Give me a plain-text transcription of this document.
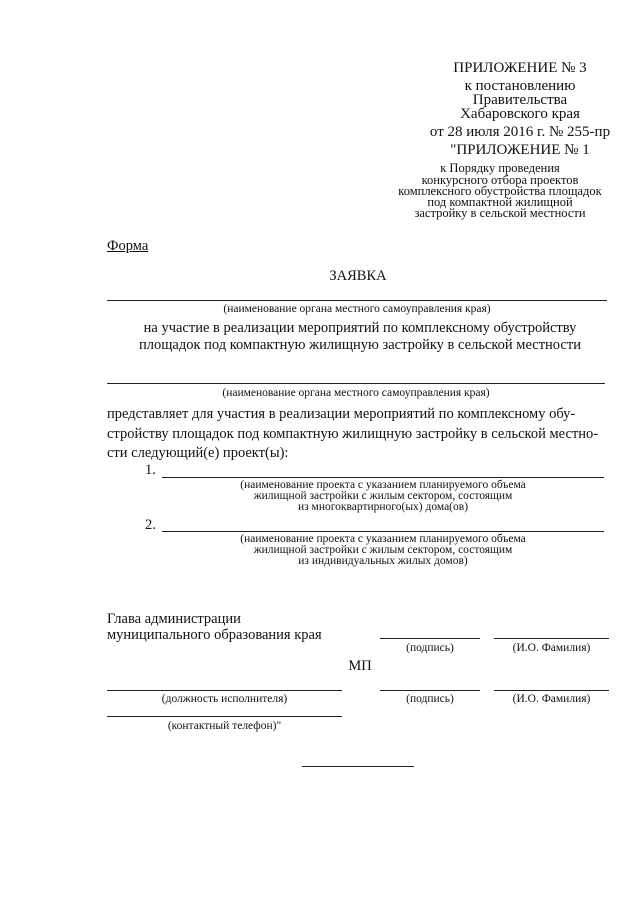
ПРИЛОЖЕНИЕ № 3
к постановлению
Правительства
Хабаровского края
от 28 июля 2016 г. № 255-пр
"ПРИЛОЖЕНИЕ № 1
к Порядку проведения
конкурсного отбора проектов
комплексного обустройства площадок
под компактной жилищной
застройку в сельской местности
Форма
ЗАЯВКА
(наименование органа местного самоуправления края)
на участие в реализации мероприятий по комплексному обустройству
площадок под компактную жилищную застройку в сельской местности
(наименование органа местного самоуправления края)
представляет для участия в реализации мероприятий по комплексному обу-
стройству площадок под компактную жилищную застройку в сельской местно-
сти следующий(е) проект(ы):
1.
(наименование проекта с указанием планируемого объема
жилищной застройки с жилым сектором, состоящим
из многоквартирного(ых) дома(ов)
2.
(наименование проекта с указанием планируемого объема
жилищной застройки с жилым сектором, состоящим
из индивидуальных жилых домов)
Глава администрации
муниципального образования края
(подпись)	(И.О. Фамилия)
МП
(должность исполнителя)	(подпись)	(И.О. Фамилия)
(контактный телефон)"
